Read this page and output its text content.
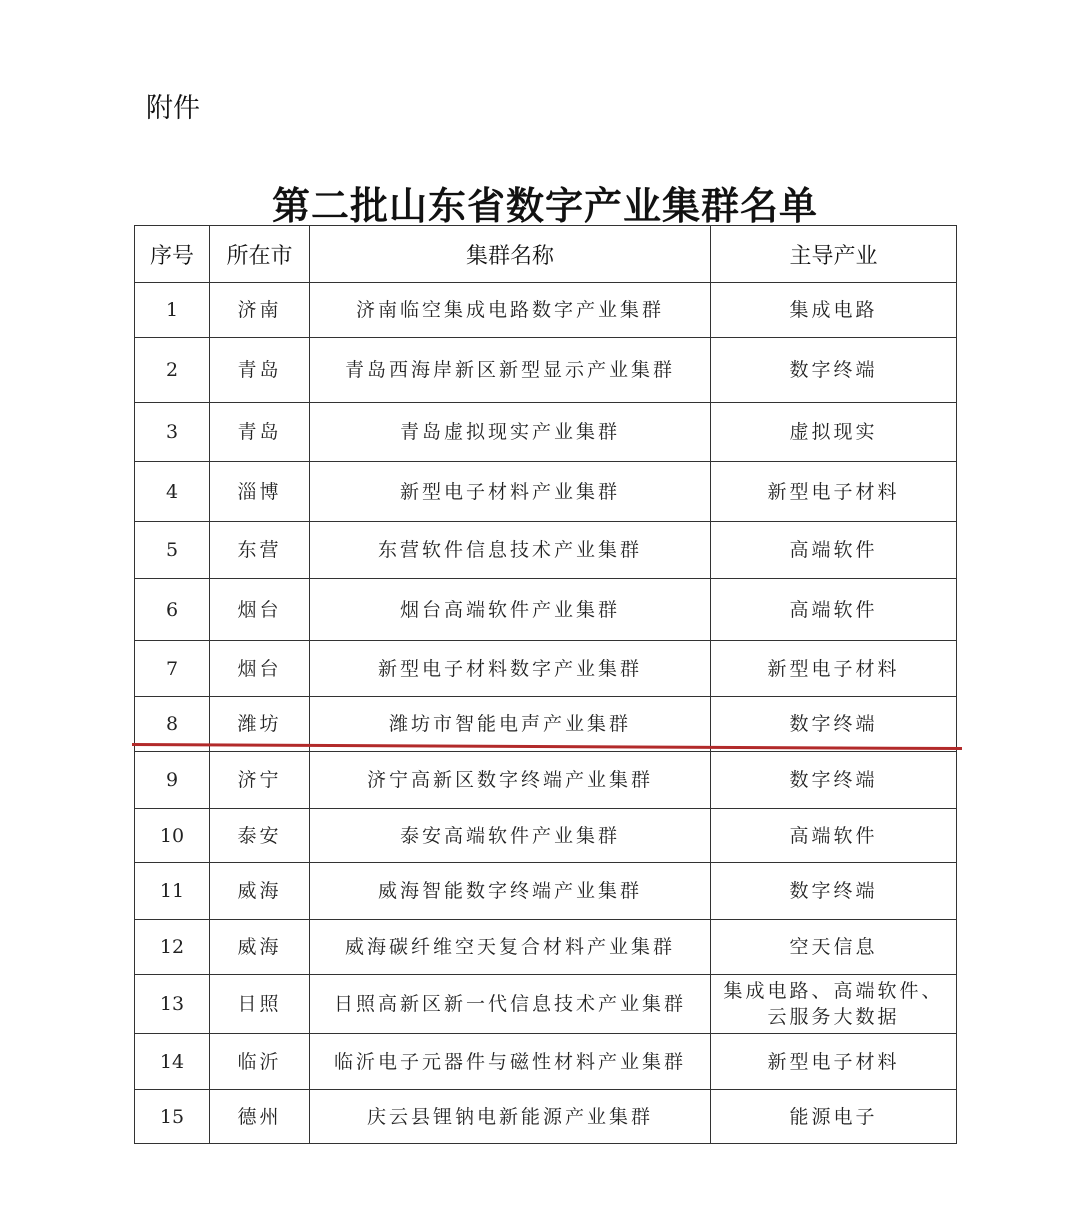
附件
第二批山东省数字产业集群名单
序号	所在市	集群名称	主导产业
1	济南	济南临空集成电路数字产业集群	集成电路
2	青岛	青岛西海岸新区新型显示产业集群	数字终端
3	青岛	青岛虚拟现实产业集群	虚拟现实
4	淄博	新型电子材料产业集群	新型电子材料
5	东营	东营软件信息技术产业集群	高端软件
6	烟台	烟台高端软件产业集群	高端软件
7	烟台	新型电子材料数字产业集群	新型电子材料
8	潍坊	潍坊市智能电声产业集群	数字终端
9	济宁	济宁高新区数字终端产业集群	数字终端
10	泰安	泰安高端软件产业集群	高端软件
11	威海	威海智能数字终端产业集群	数字终端
12	威海	威海碳纤维空天复合材料产业集群	空天信息
13	日照	日照高新区新一代信息技术产业集群	集成电路、高端软件、
云服务大数据

14	临沂	临沂电子元器件与磁性材料产业集群	新型电子材料
15	德州	庆云县锂钠电新能源产业集群	能源电子
